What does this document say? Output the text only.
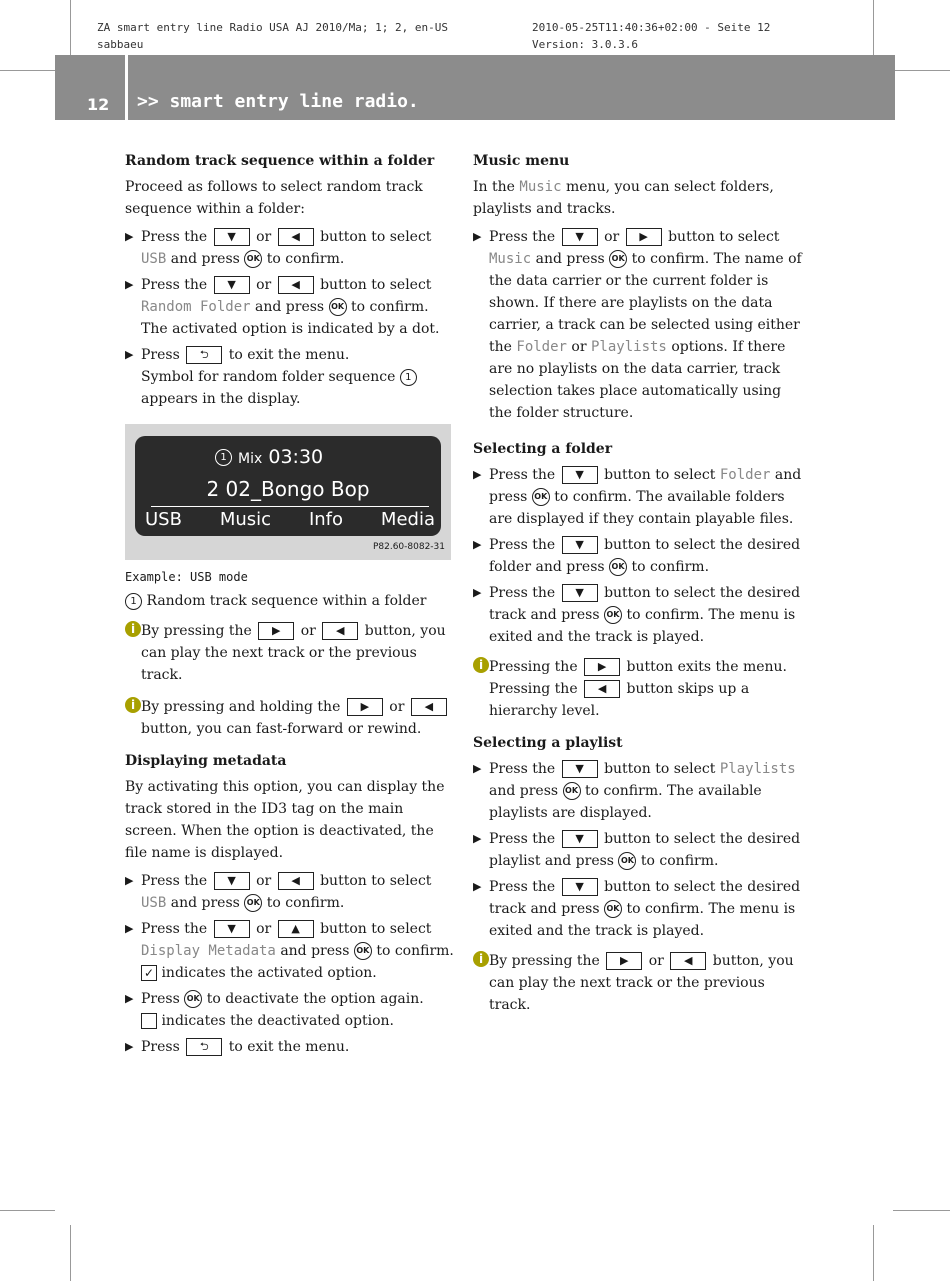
ZA smart entry line Radio USA AJ 2010/Ma; 1; 2, en-US
sabbaeu
2010-05-25T11:40:36+02:00 - Seite 12
Version: 3.0.3.6
12 >> smart entry line radio.
Random track sequence within a folder

Proceed as follows to select random track sequence within a folder:

▶ Press the ▼ or ◀ button to select USB and press OK to confirm.
▶ Press the ▼ or ◀ button to select Random Folder and press OK to confirm. The activated option is indicated by a dot.
▶ Press ⮌ to exit the menu.
Symbol for random folder sequence 1 appears in the display.
1 Mix 03:30
2 02_Bongo Bop
USB Music Info Media
P82.60-8082-31
Example: USB mode

1 Random track sequence within a folder

i By pressing the ▶ or ◀ button, you can play the next track or the previous track.
i By pressing and holding the ▶ or ◀ button, you can fast-forward or rewind.
Displaying metadata

By activating this option, you can display the track stored in the ID3 tag on the main screen. When the option is deactivated, the file name is displayed.

▶ Press the ▼ or ◀ button to select USB and press OK to confirm.
▶ Press the ▼ or ▲ button to select Display Metadata and press OK to confirm.
✓ indicates the activated option.
▶ Press OK to deactivate the option again.
indicates the deactivated option.
▶ Press ⮌ to exit the menu.
Music menu

In the Music menu, you can select folders, playlists and tracks.

▶ Press the ▼ or ▶ button to select Music and press OK to confirm. The name of the data carrier or the current folder is shown. If there are playlists on the data carrier, a track can be selected using either the Folder or Playlists options. If there are no playlists on the data carrier, track selection takes place automatically using the folder structure.
Selecting a folder
▶ Press the ▼ button to select Folder and press OK to confirm. The available folders are displayed if they contain playable files.
▶ Press the ▼ button to select the desired folder and press OK to confirm.
▶ Press the ▼ button to select the desired track and press OK to confirm. The menu is exited and the track is played.
i Pressing the ▶ button exits the menu.
Pressing the ◀ button skips up a hierarchy level.
Selecting a playlist
▶ Press the ▼ button to select Playlists and press OK to confirm. The available playlists are displayed.
▶ Press the ▼ button to select the desired playlist and press OK to confirm.
▶ Press the ▼ button to select the desired track and press OK to confirm. The menu is exited and the track is played.
i By pressing the ▶ or ◀ button, you can play the next track or the previous track.
